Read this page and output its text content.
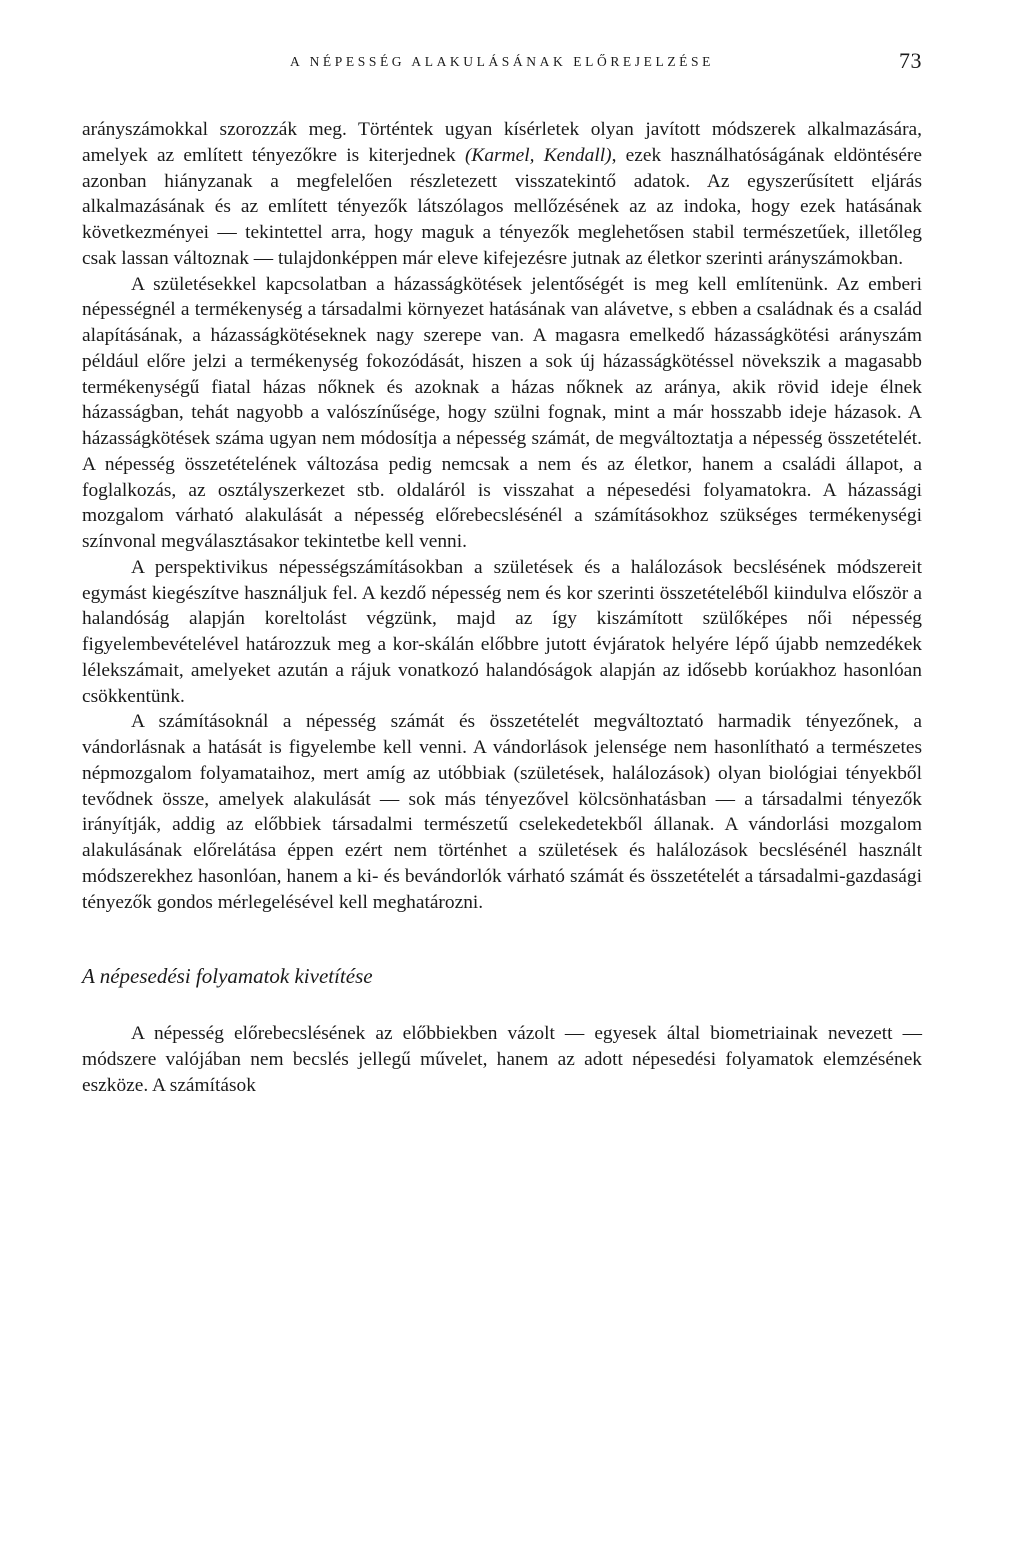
A NÉPESSÉG ALAKULÁSÁNAK ELŐREJELZÉSE	73

arányszámokkal szorozzák meg. Történtek ugyan kísérletek olyan javított módszerek alkalmazására, amelyek az említett tényezőkre is kiterjednek (Karmel, Kendall), ezek használhatóságának eldöntésére azonban hiányzanak a megfelelően részletezett visszatekintő adatok. Az egyszerűsített eljárás alkalmazásának és az említett tényezők látszólagos mellőzésének az az indoka, hogy ezek hatásának következményei — tekintettel arra, hogy maguk a tényezők meglehetősen stabil természetűek, illetőleg csak lassan változnak — tulajdonképpen már eleve kifejezésre jutnak az életkor szerinti arányszámokban.

A születésekkel kapcsolatban a házasságkötések jelentőségét is meg kell említenünk. Az emberi népességnél a termékenység a társadalmi környezet hatásának van alávetve, s ebben a családnak és a család alapításának, a házasságkötéseknek nagy szerepe van. A magasra emelkedő házasságkötési arányszám például előre jelzi a termékenység fokozódását, hiszen a sok új házasságkötéssel növekszik a magasabb termékenységű fiatal házas nőknek és azoknak a házas nőknek az aránya, akik rövid ideje élnek házasságban, tehát nagyobb a valószínűsége, hogy szülni fognak, mint a már hosszabb ideje házasok. A házasságkötések száma ugyan nem módosítja a népesség számát, de megváltoztatja a népesség összetételét. A népesség összetételének változása pedig nemcsak a nem és az életkor, hanem a családi állapot, a foglalkozás, az osztályszerkezet stb. oldaláról is visszahat a népesedési folyamatokra. A házassági mozgalom várható alakulását a népesség előrebecslésénél a számításokhoz szükséges termékenységi színvonal megválasztásakor tekintetbe kell venni.

A perspektivikus népességszámításokban a születések és a halálozások becslésének módszereit egymást kiegészítve használjuk fel. A kezdő népesség nem és kor szerinti összetételéből kiindulva először a halandóság alapján koreltolást végzünk, majd az így kiszámított szülőképes női népesség figyelembevételével határozzuk meg a kor-skálán előbbre jutott évjáratok helyére lépő újabb nemzedékek lélekszámait, amelyeket azután a rájuk vonatkozó halandóságok alapján az idősebb korúakhoz hasonlóan csökkentünk.

A számításoknál a népesség számát és összetételét megváltoztató harmadik tényezőnek, a vándorlásnak a hatását is figyelembe kell venni. A vándorlások jelensége nem hasonlítható a természetes népmozgalom folyamataihoz, mert amíg az utóbbiak (születések, halálozások) olyan biológiai tényekből tevődnek össze, amelyek alakulását — sok más tényezővel kölcsönhatásban — a társadalmi tényezők irányítják, addig az előbbiek társadalmi természetű cselekedetekből állanak. A vándorlási mozgalom alakulásának előrelátása éppen ezért nem történhet a születések és halálozások becslésénél használt módszerekhez hasonlóan, hanem a ki- és bevándorlók várható számát és összetételét a társadalmi-gazdasági tényezők gondos mérlegelésével kell meghatározni.

A népesedési folyamatok kivetítése

A népesség előrebecslésének az előbbiekben vázolt — egyesek által biometriainak nevezett — módszere valójában nem becslés jellegű művelet, hanem az adott népesedési folyamatok elemzésének eszköze. A számítások
